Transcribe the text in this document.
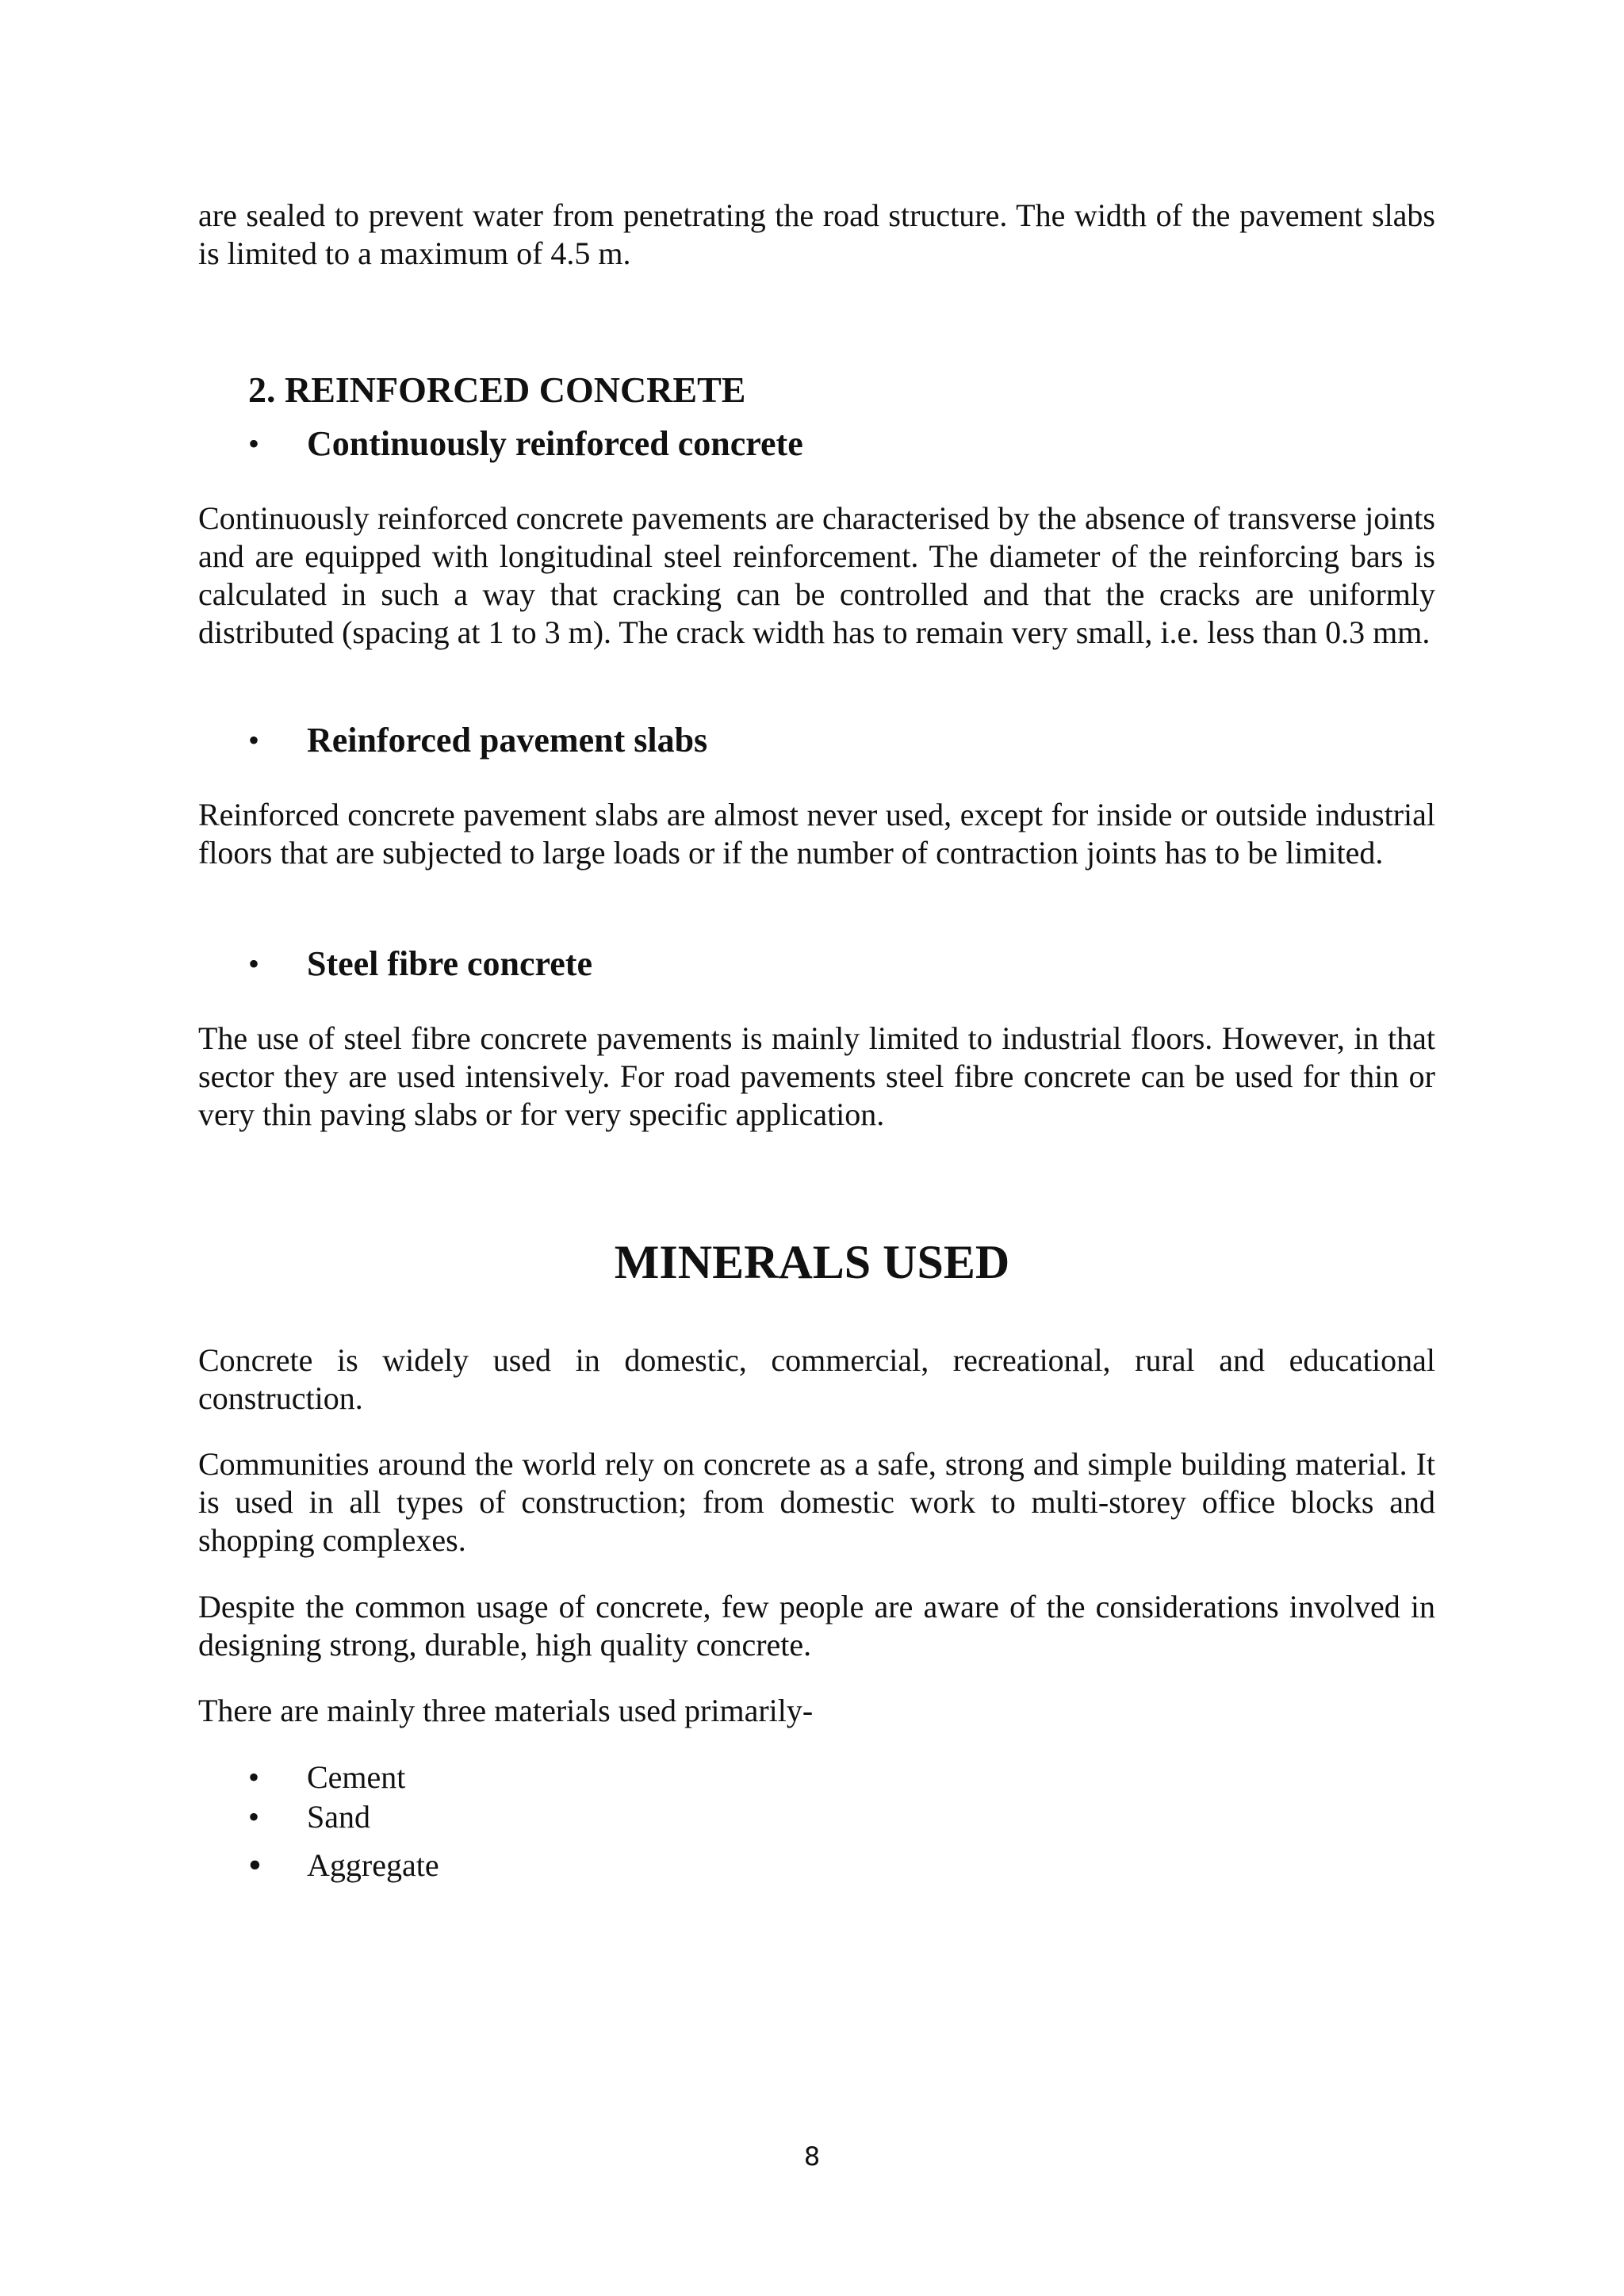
are sealed to prevent water from penetrating the road structure. The width of the pavement slabs is limited to a maximum of 4.5 m.

2. REINFORCED CONCRETE
•	Continuously reinforced concrete

Continuously reinforced concrete pavements are characterised by the absence of transverse joints and are equipped with longitudinal steel reinforcement. The diameter of the reinforcing bars is calculated in such a way that cracking can be controlled and that the cracks are uniformly distributed (spacing at 1 to 3 m). The crack width has to remain very small, i.e. less than 0.3 mm.

•	Reinforced pavement slabs

Reinforced concrete pavement slabs are almost never used, except for inside or outside industrial floors that are subjected to large loads or if the number of contraction joints has to be limited.

•	Steel fibre concrete

The use of steel fibre concrete pavements is mainly limited to industrial floors. However, in that sector they are used intensively. For road pavements steel fibre concrete can be used for thin or very thin paving slabs or for very specific application.

MINERALS USED

Concrete is widely used in domestic, commercial, recreational, rural and educational construction.

Communities around the world rely on concrete as a safe, strong and simple building material. It is used in all types of construction; from domestic work to multi-storey office blocks and shopping complexes.

Despite the common usage of concrete, few people are aware of the considerations involved in designing strong, durable, high quality concrete.

There are mainly three materials used primarily-

•	Cement
•	Sand
•	Aggregate

8
